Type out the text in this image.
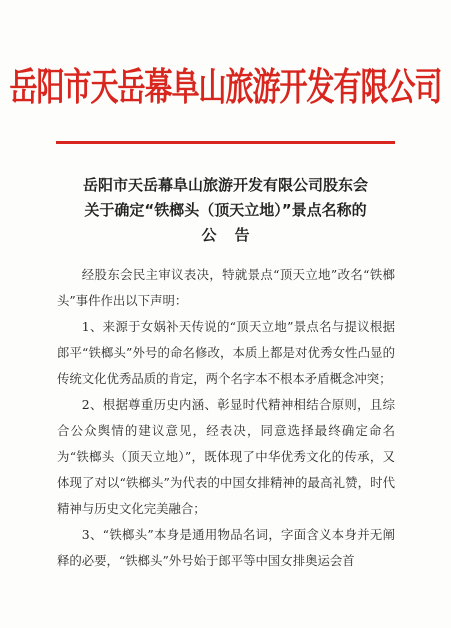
岳阳市天岳幕阜山旅游开发有限公司
岳阳市天岳幕阜山旅游开发有限公司股东会
关于确定“铁榔头（顶天立地）”景点名称的
公告

经股东会民主审议表决，特就景点“顶天立地”改名“铁榔头”事件作出以下声明：

1、来源于女娲补天传说的“顶天立地”景点名与提议根据郎平“铁榔头”外号的命名修改，本质上都是对优秀女性凸显的传统文化优秀品质的肯定，两个名字本不根本矛盾概念冲突；

2、根据尊重历史内涵、彰显时代精神相结合原则，且综合公众舆情的建议意见，经表决，同意选择最终确定命名为“铁榔头（顶天立地）”，既体现了中华优秀文化的传承，又体现了对以“铁榔头”为代表的中国女排精神的最高礼赞，时代精神与历史文化完美融合；

3、“铁榔头”本身是通用物品名词，字面含义本身并无阐释的必要，“铁榔头”外号始于郎平等中国女排奥运会首
